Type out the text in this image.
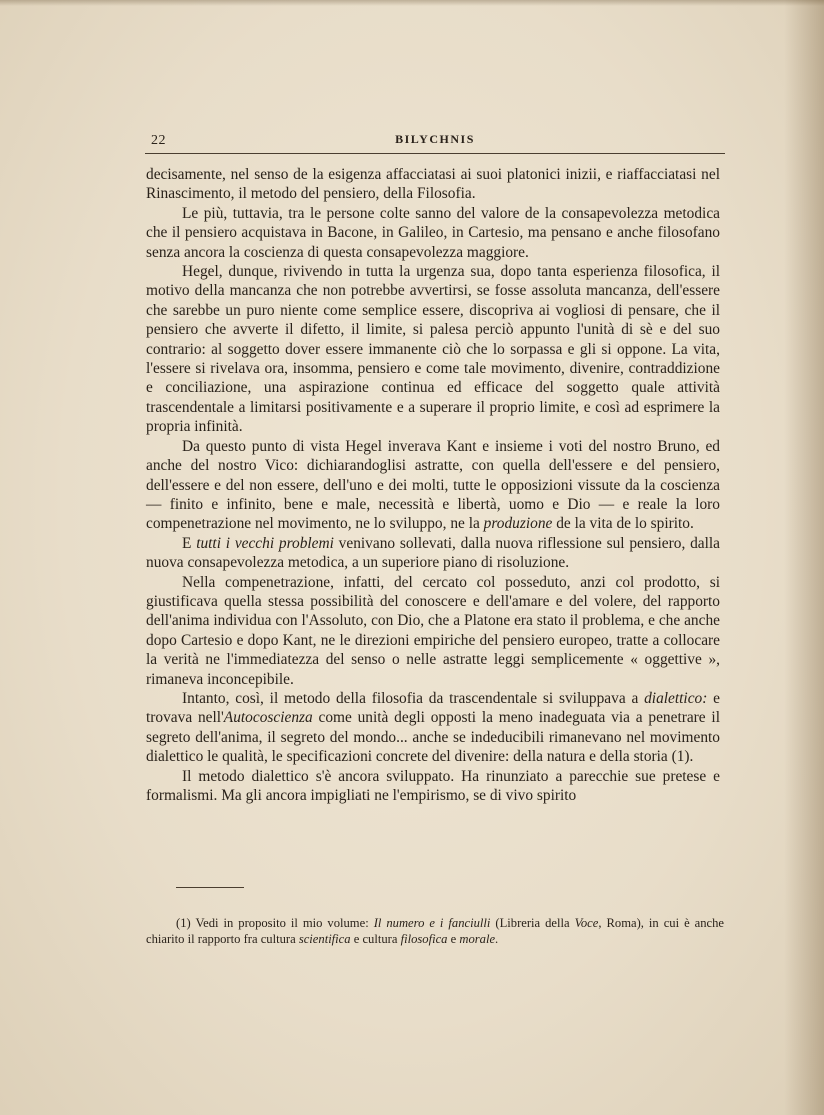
22	BILYCHNIS

decisamente, nel senso de la esigenza affacciatasi ai suoi platonici inizii, e riaffacciatasi nel Rinascimento, il metodo del pensiero, della Filosofia.

Le più, tuttavia, tra le persone colte sanno del valore de la consapevolezza metodica che il pensiero acquistava in Bacone, in Galileo, in Cartesio, ma pensano e anche filosofano senza ancora la coscienza di questa consapevolezza maggiore.

Hegel, dunque, rivivendo in tutta la urgenza sua, dopo tanta esperienza filosofica, il motivo della mancanza che non potrebbe avvertirsi, se fosse assoluta mancanza, dell'essere che sarebbe un puro niente come semplice essere, discopriva ai vogliosi di pensare, che il pensiero che avverte il difetto, il limite, si palesa perciò appunto l'unità di sè e del suo contrario: al soggetto dover essere immanente ciò che lo sorpassa e gli si oppone. La vita, l'essere si rivelava ora, insomma, pensiero e come tale movimento, divenire, contraddizione e conciliazione, una aspirazione continua ed efficace del soggetto quale attività trascendentale a limitarsi positivamente e a superare il proprio limite, e così ad esprimere la propria infinità.

Da questo punto di vista Hegel inverava Kant e insieme i voti del nostro Bruno, ed anche del nostro Vico: dichiarandoglisi astratte, con quella dell'essere e del pensiero, dell'essere e del non essere, dell'uno e dei molti, tutte le opposizioni vissute da la coscienza — finito e infinito, bene e male, necessità e libertà, uomo e Dio — e reale la loro compenetrazione nel movimento, ne lo sviluppo, ne la produzione de la vita de lo spirito.

E tutti i vecchi problemi venivano sollevati, dalla nuova riflessione sul pensiero, dalla nuova consapevolezza metodica, a un superiore piano di risoluzione.

Nella compenetrazione, infatti, del cercato col posseduto, anzi col prodotto, si giustificava quella stessa possibilità del conoscere e dell'amare e del volere, del rapporto dell'anima individua con l'Assoluto, con Dio, che a Platone era stato il problema, e che anche dopo Cartesio e dopo Kant, ne le direzioni empiriche del pensiero europeo, tratte a collocare la verità ne l'immediatezza del senso o nelle astratte leggi semplicemente « oggettive », rimaneva inconcepibile.

Intanto, così, il metodo della filosofia da trascendentale si sviluppava a dialettico: e trovava nell'Autocoscienza come unità degli opposti la meno inadeguata via a penetrare il segreto dell'anima, il segreto del mondo... anche se indeducibili rimanevano nel movimento dialettico le qualità, le specificazioni concrete del divenire: della natura e della storia (1).

Il metodo dialettico s'è ancora sviluppato. Ha rinunziato a parecchie sue pretese e formalismi. Ma gli ancora impigliati ne l'empirismo, se di vivo spirito

(1) Vedi in proposito il mio volume: Il numero e i fanciulli (Libreria della Voce, Roma), in cui è anche chiarito il rapporto fra cultura scientifica e cultura filosofica e morale.
